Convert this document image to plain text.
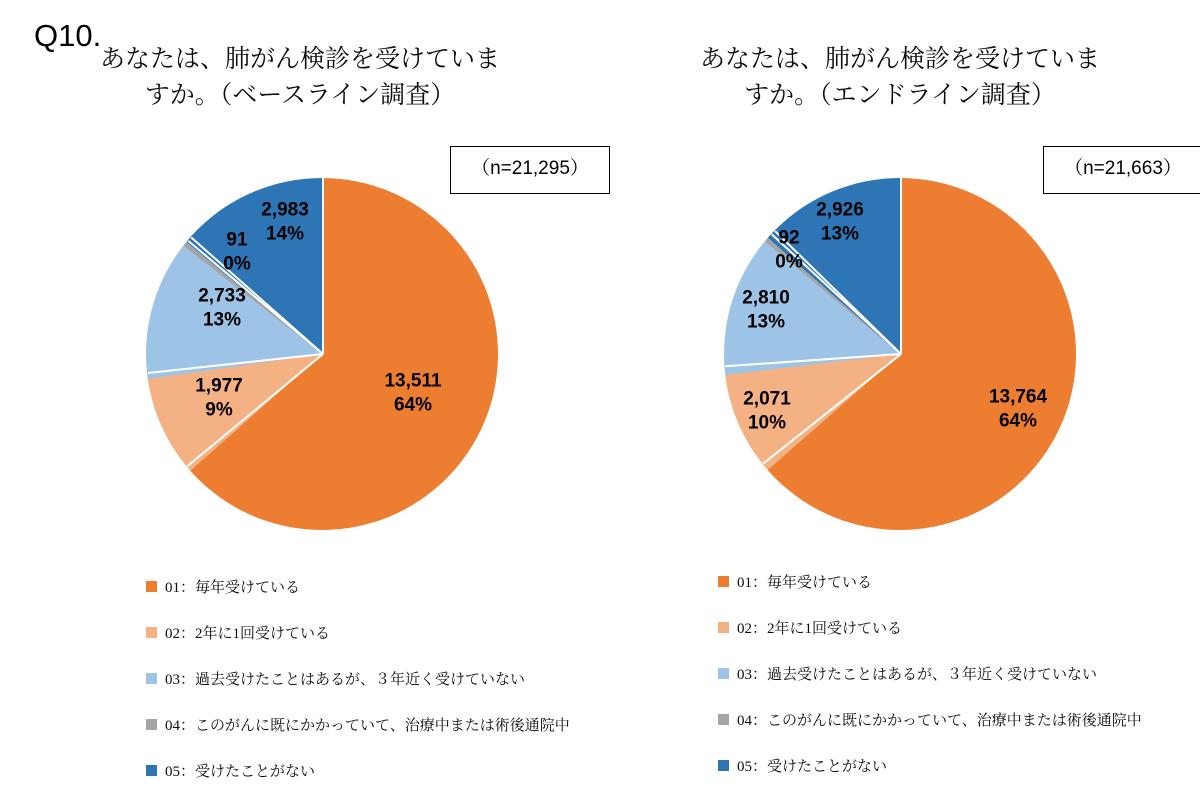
Q10.
あなたは、肺がん検診を受けていま
すか。（ベースライン調査）
（n=21,295）
13,511
64%
1,977
9%
2,733
13%
91
0%
2,983
14%
01：毎年受けている
02：2年に1回受けている
03：過去受けたことはあるが、３年近く受けていない
04：このがんに既にかかっていて、治療中または術後通院中
05：受けたことがない
あなたは、肺がん検診を受けていま
すか。（エンドライン調査）
（n=21,663）
13,764
64%
2,071
10%
2,810
13%
92
0%
2,926
13%
01：毎年受けている
02：2年に1回受けている
03：過去受けたことはあるが、３年近く受けていない
04：このがんに既にかかっていて、治療中または術後通院中
05：受けたことがない
